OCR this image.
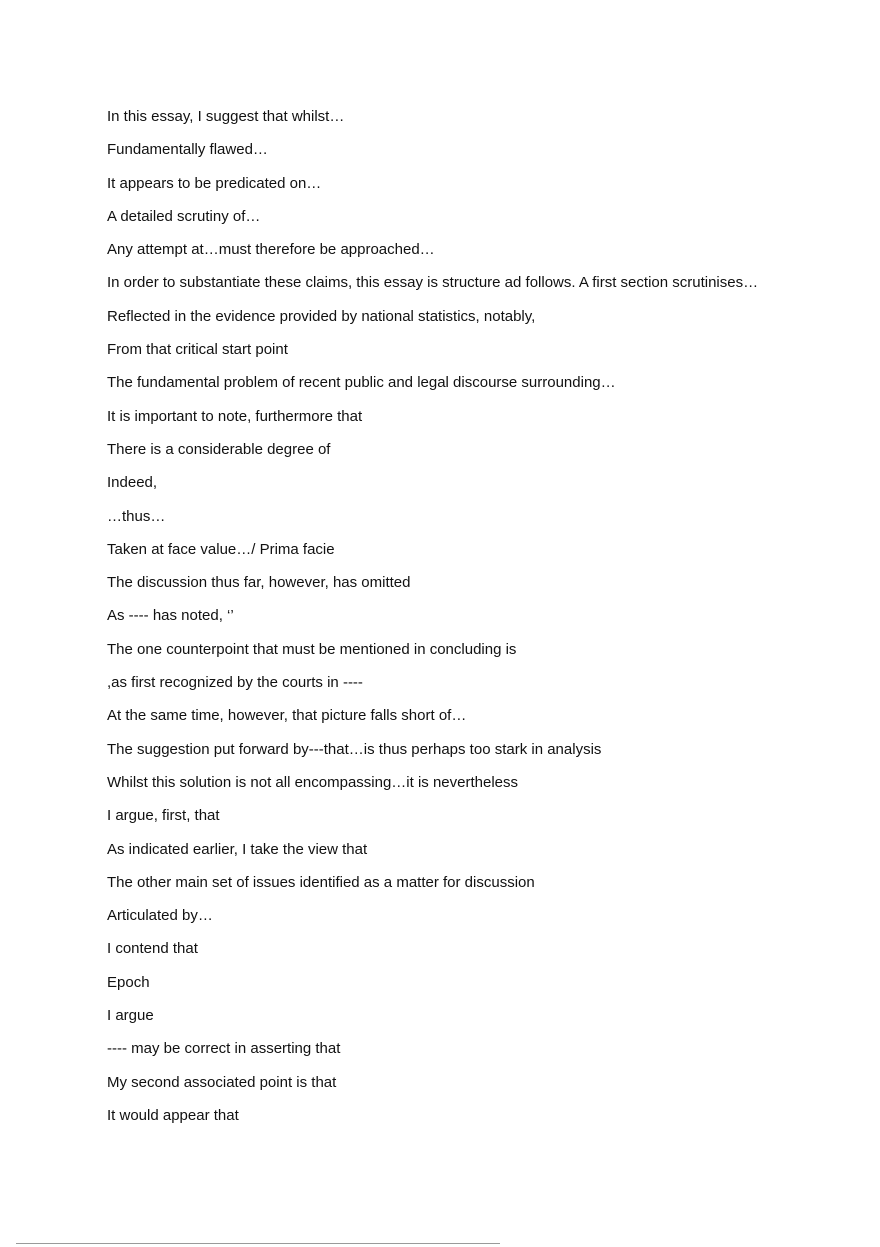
In this essay, I suggest that whilst…
Fundamentally flawed…
It appears to be predicated on…
A detailed scrutiny of…
Any attempt at…must therefore be approached…
In order to substantiate these claims, this essay is structure ad follows. A first section scrutinises…
Reflected in the evidence provided by national statistics, notably,
From that critical start point
The fundamental problem of recent public and legal discourse surrounding…
It is important to note, furthermore that
There is a considerable degree of
Indeed,
…thus…
Taken at face value…/ Prima facie
The discussion thus far, however, has omitted
As ---- has noted, ‘’
The one counterpoint that must be mentioned in concluding is
,as first recognized by the courts in ----
At the same time, however, that picture falls short of…
The suggestion put forward by---that…is thus perhaps too stark in analysis
Whilst this solution is not all encompassing…it is nevertheless
I argue, first, that
As indicated earlier, I take the view that
The other main set of issues identified as a matter for discussion
Articulated by…
I contend that
Epoch
I argue
---- may be correct in asserting that
My second associated point is that
It would appear that
